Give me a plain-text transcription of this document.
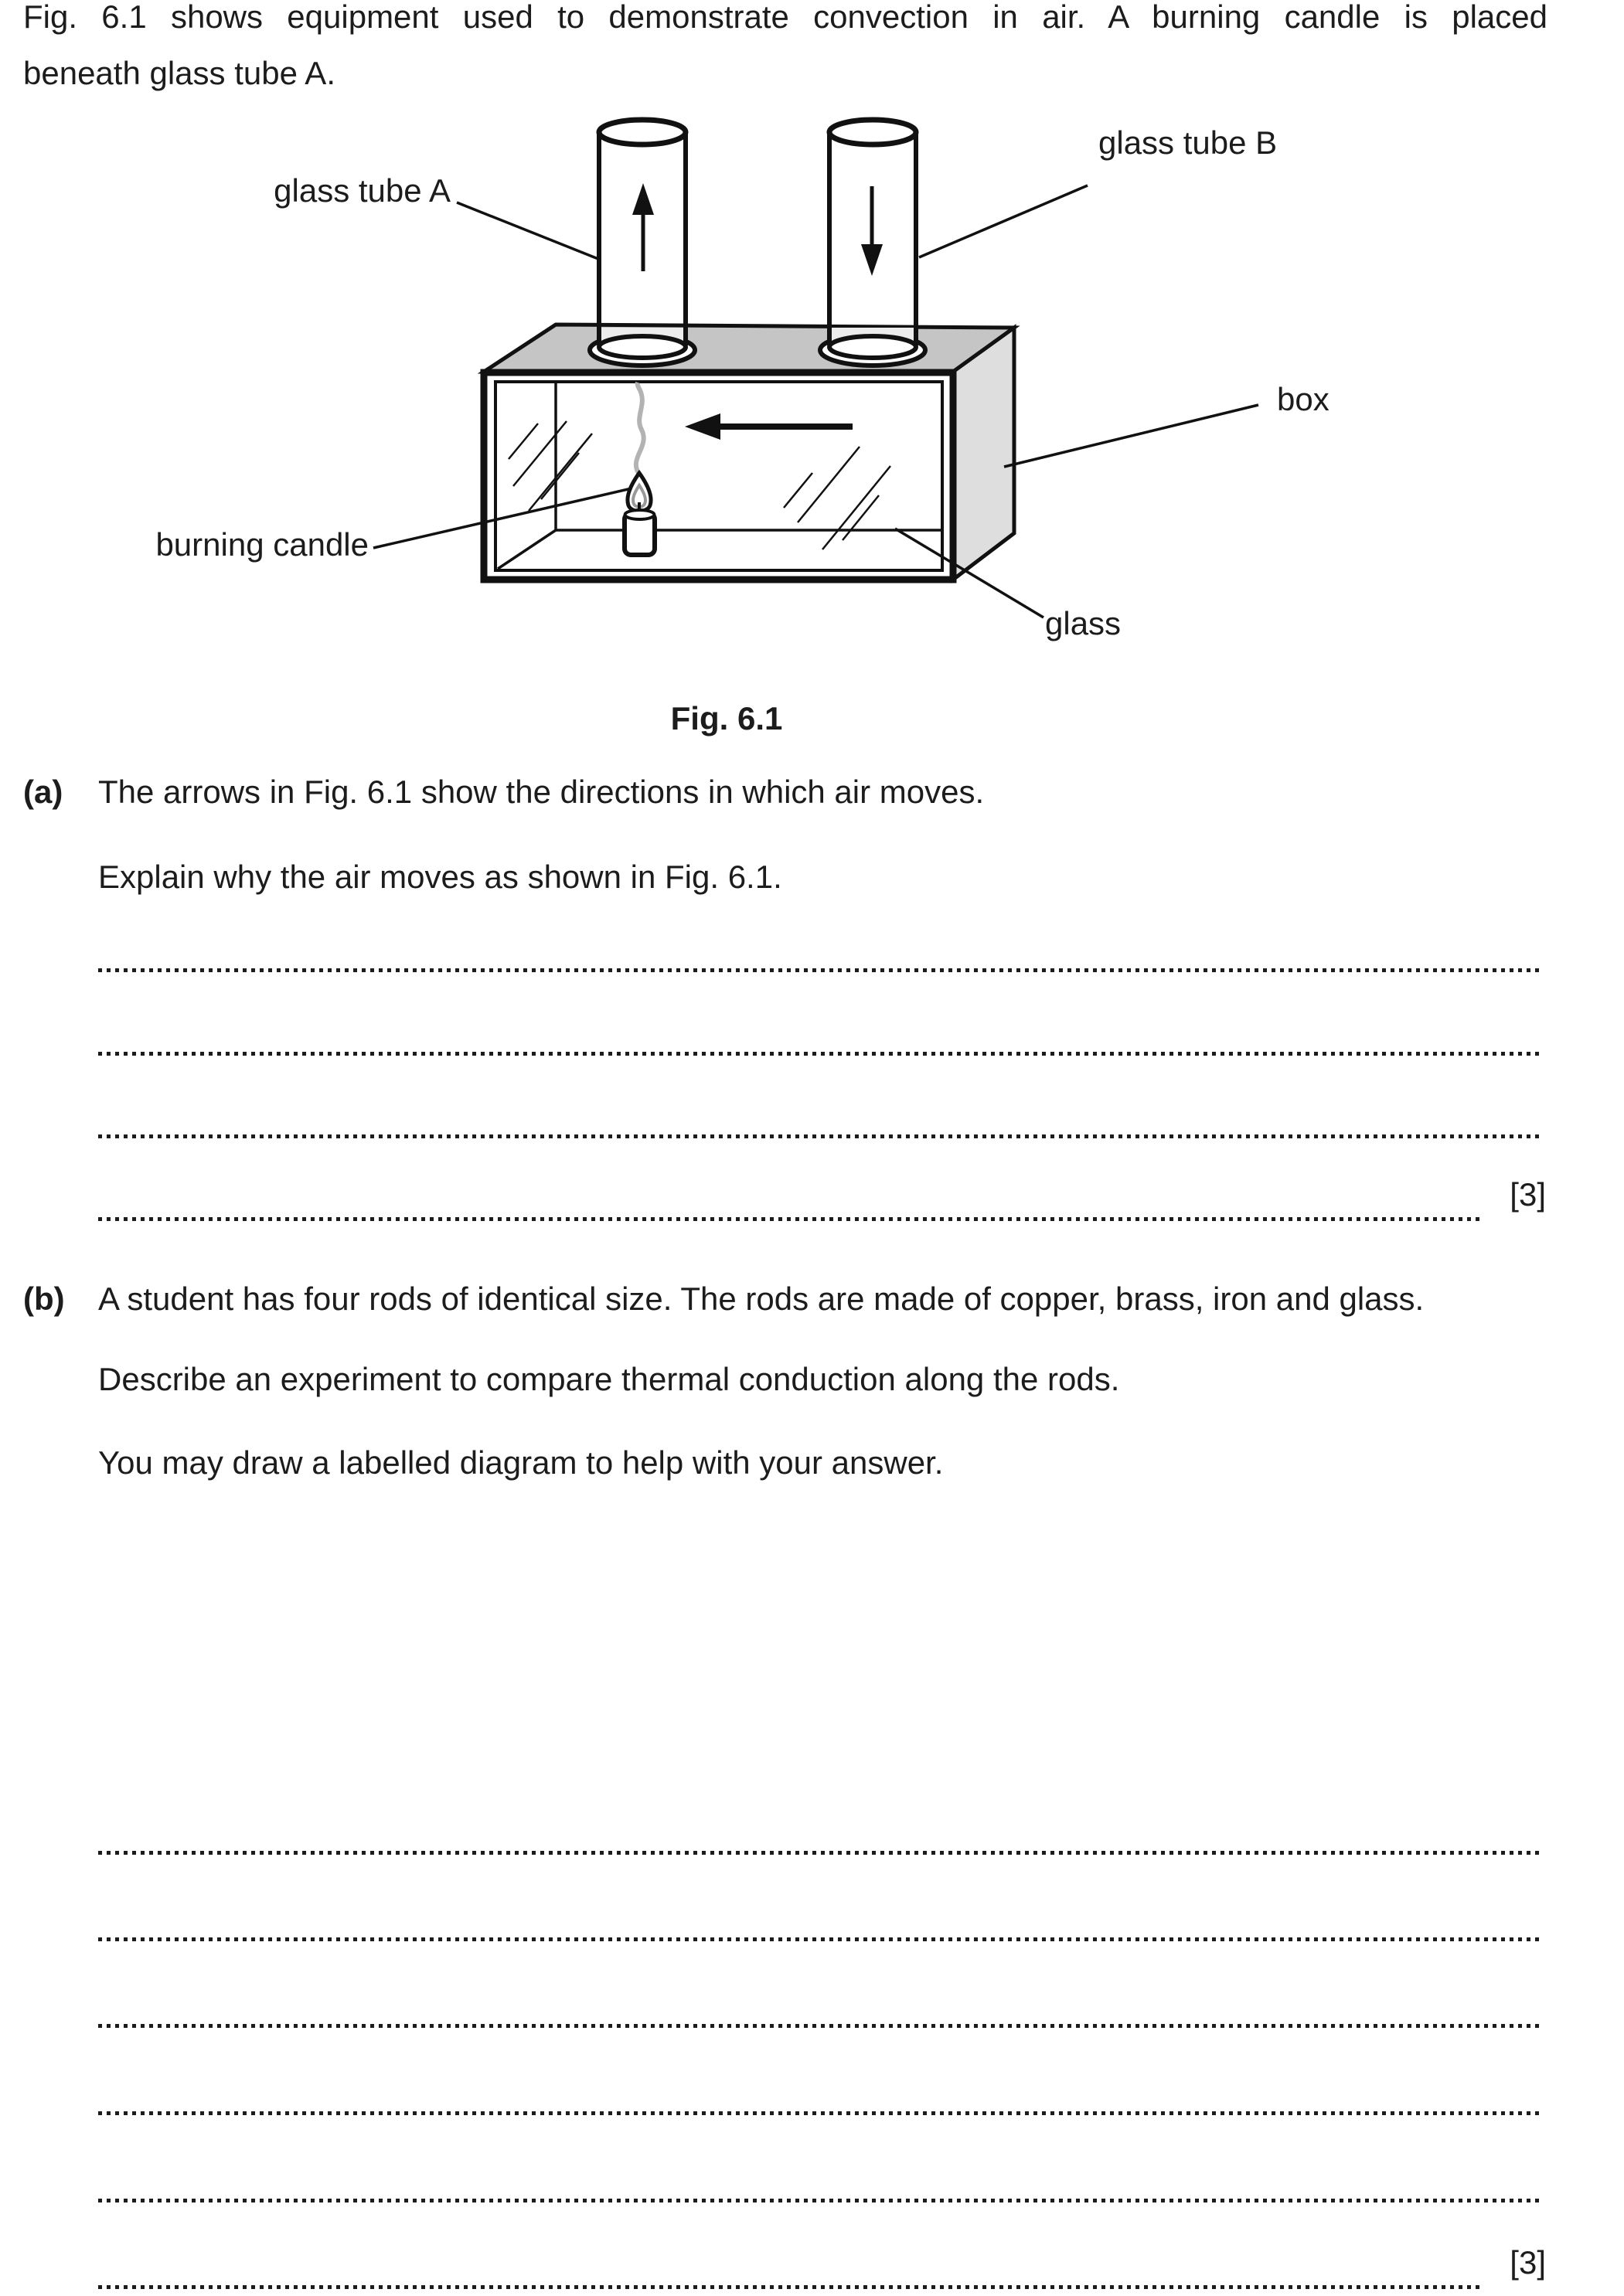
Fig. 6.1 shows equipment used to demonstrate convection in air. A burning candle is placed
beneath glass tube A.
glass tube A
glass tube B
box
burning candle
glass
Fig. 6.1
(a) The arrows in Fig. 6.1 show the directions in which air moves.
Explain why the air moves as shown in Fig. 6.1.
[3]
(b) A student has four rods of identical size. The rods are made of copper, brass, iron and glass.
Describe an experiment to compare thermal conduction along the rods.
You may draw a labelled diagram to help with your answer.
[3]
